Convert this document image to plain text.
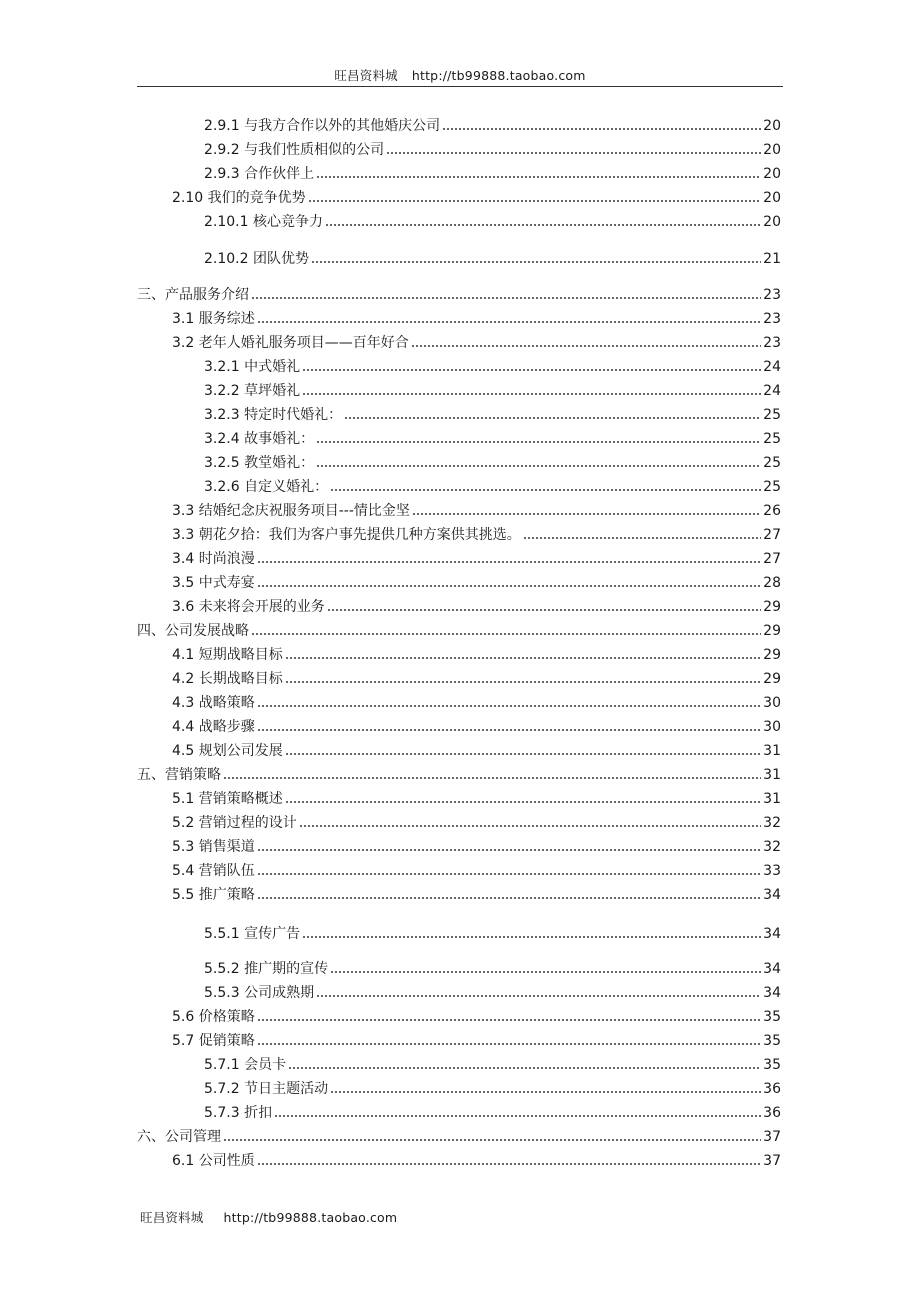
旺昌资料城 http://tb99888.taobao.com
2.9.1 与我方合作以外的其他婚庆公司	20
2.9.2 与我们性质相似的公司	20
2.9.3 合作伙伴上	20
2.10 我们的竞争优势	20
2.10.1 核心竞争力	20
2.10.2 团队优势	21
三、产品服务介绍	23
3.1 服务综述	23
3.2 老年人婚礼服务项目——百年好合	23
3.2.1 中式婚礼	24
3.2.2 草坪婚礼	24
3.2.3 特定时代婚礼：	25
3.2.4 故事婚礼：	25
3.2.5 教堂婚礼：	25
3.2.6 自定义婚礼：	25
3.3 结婚纪念庆祝服务项目---情比金坚	26
3.3 朝花夕拾：我们为客户事先提供几种方案供其挑选。	27
3.4 时尚浪漫	27
3.5 中式寿宴	28
3.6 未来将会开展的业务	29
四、公司发展战略	29
4.1 短期战略目标	29
4.2 长期战略目标	29
4.3 战略策略	30
4.4 战略步骤	30
4.5 规划公司发展	31
五、营销策略	31
5.1 营销策略概述	31
5.2 营销过程的设计	32
5.3 销售渠道	32
5.4 营销队伍	33
5.5 推广策略	34
5.5.1 宣传广告	34
5.5.2 推广期的宣传	34
5.5.3 公司成熟期	34
5.6 价格策略	35
5.7 促销策略	35
5.7.1 会员卡	35
5.7.2 节日主题活动	36
5.7.3 折扣	36
六、公司管理	37
6.1 公司性质	37
旺昌资料城 http://tb99888.taobao.com
